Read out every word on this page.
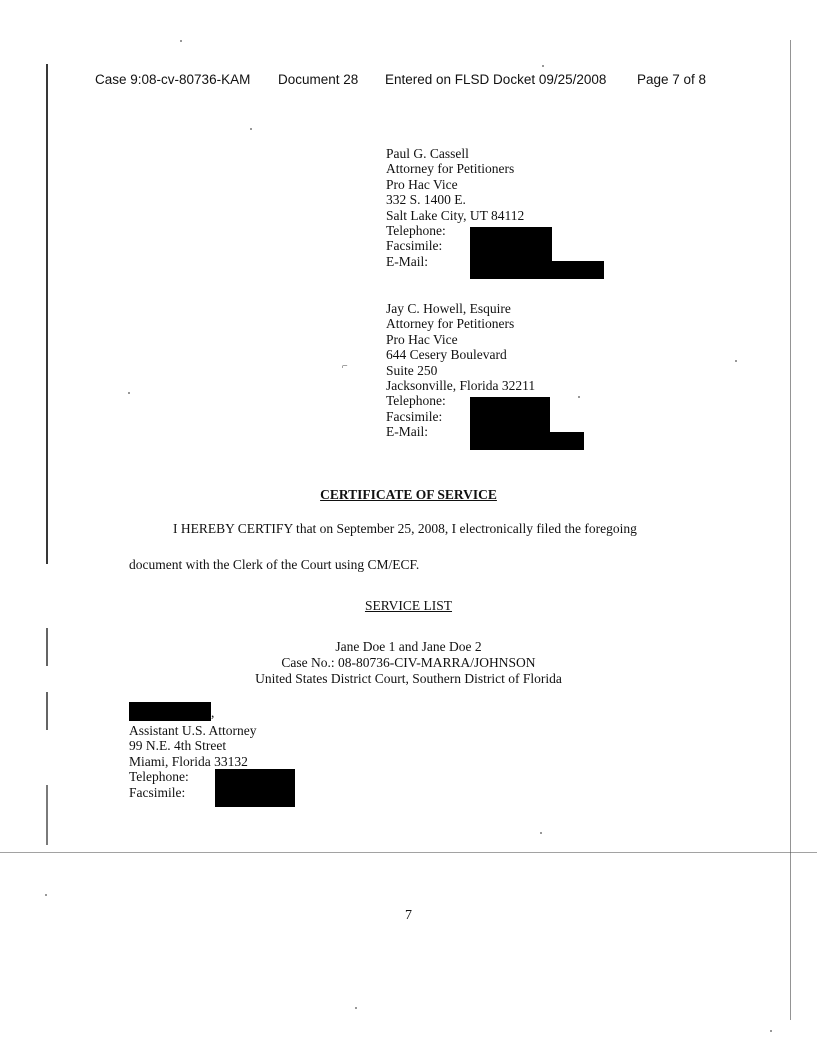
Case 9:08-cv-80736-KAM Document 28 Entered on FLSD Docket 09/25/2008 Page 7 of 8
Paul G. Cassell
Attorney for Petitioners
Pro Hac Vice
332 S. 1400 E.
Salt Lake City, UT 84112
Telephone:
Facsimile:
E-Mail:
Jay C. Howell, Esquire
Attorney for Petitioners
Pro Hac Vice
644 Cesery Boulevard
Suite 250
Jacksonville, Florida 32211
Telephone:
Facsimile:
E-Mail:
⌐
CERTIFICATE OF SERVICE
I HEREBY CERTIFY that on September 25, 2008, I electronically filed the foregoing
document with the Clerk of the Court using CM/ECF.
SERVICE LIST
Jane Doe 1 and Jane Doe 2
Case No.: 08-80736-CIV-MARRA/JOHNSON
United States District Court, Southern District of Florida
,
Assistant U.S. Attorney
99 N.E. 4th Street
Miami, Florida 33132
Telephone:
Facsimile:
7
